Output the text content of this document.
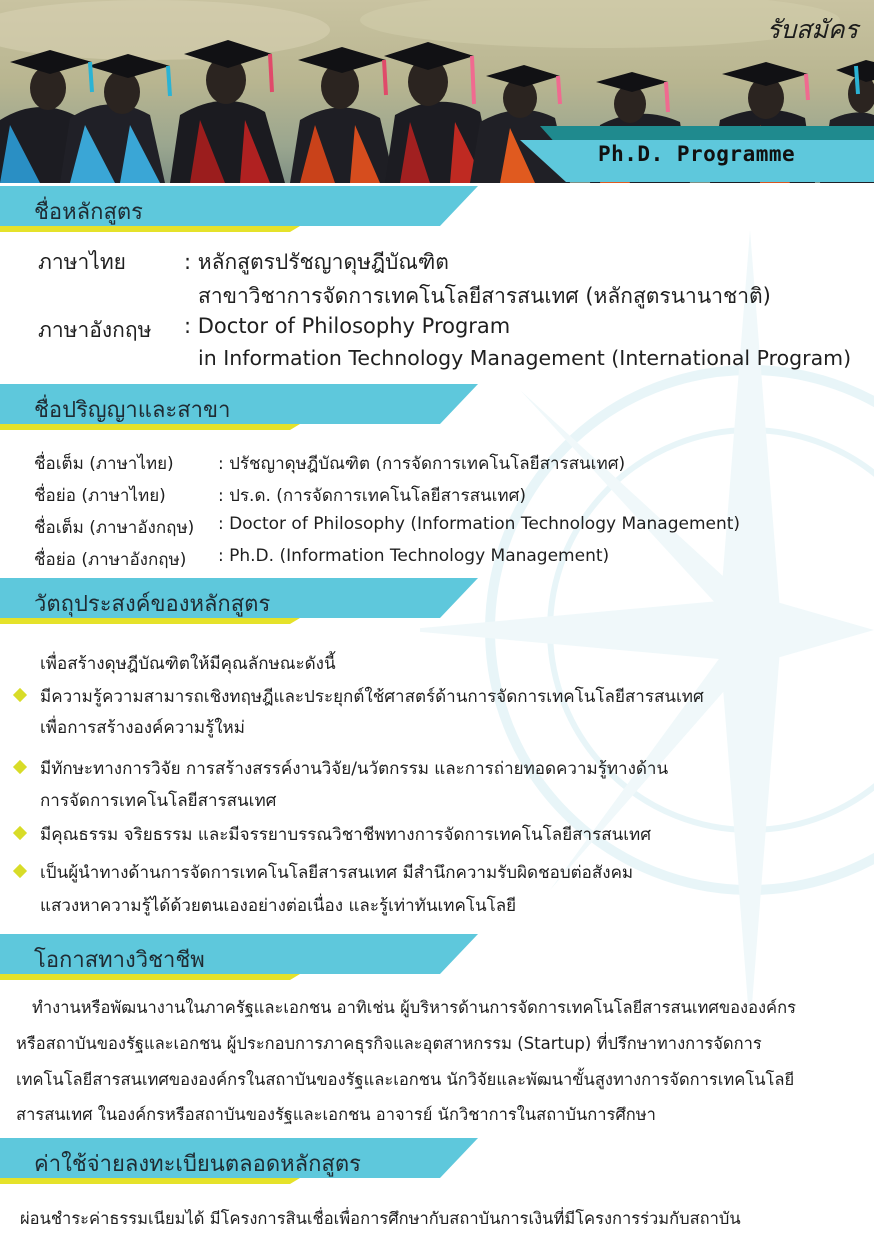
รับสมัคร
Ph.D. Programme
ชื่อหลักสูตร
ภาษาไทย	: หลักสูตรปรัชญาดุษฎีบัณฑิต
สาขาวิชาการจัดการเทคโนโลยีสารสนเทศ (หลักสูตรนานาชาติ)
ภาษาอังกฤษ : Doctor of Philosophy Program
in Information Technology Management (International Program)
ชื่อปริญญาและสาขา
ชื่อเต็ม (ภาษาไทย)	: ปรัชญาดุษฎีบัณฑิต (การจัดการเทคโนโลยีสารสนเทศ)
ชื่อย่อ (ภาษาไทย)	: ปร.ด. (การจัดการเทคโนโลยีสารสนเทศ)
ชื่อเต็ม (ภาษาอังกฤษ) : Doctor of Philosophy (Information Technology Management)
ชื่อย่อ (ภาษาอังกฤษ) : Ph.D. (Information Technology Management)
วัตถุประสงค์ของหลักสูตร
เพื่อสร้างดุษฎีบัณฑิตให้มีคุณลักษณะดังนี้
มีความรู้ความสามารถเชิงทฤษฎีและประยุกต์ใช้ศาสตร์ด้านการจัดการเทคโนโลยีสารสนเทศ
เพื่อการสร้างองค์ความรู้ใหม่
มีทักษะทางการวิจัย การสร้างสรรค์งานวิจัย/นวัตกรรม และการถ่ายทอดความรู้ทางด้าน
การจัดการเทคโนโลยีสารสนเทศ
มีคุณธรรม จริยธรรม และมีจรรยาบรรณวิชาชีพทางการจัดการเทคโนโลยีสารสนเทศ
เป็นผู้นำทางด้านการจัดการเทคโนโลยีสารสนเทศ มีสำนึกความรับผิดชอบต่อสังคม
แสวงหาความรู้ได้ด้วยตนเองอย่างต่อเนื่อง และรู้เท่าทันเทคโนโลยี
โอกาสทางวิชาชีพ
ทำงานหรือพัฒนางานในภาครัฐและเอกชน อาทิเช่น ผู้บริหารด้านการจัดการเทคโนโลยีสารสนเทศขององค์กร
หรือสถาบันของรัฐและเอกชน ผู้ประกอบการภาคธุรกิจและอุตสาหกรรม (Startup) ที่ปรึกษาทางการจัดการ
เทคโนโลยีสารสนเทศขององค์กรในสถาบันของรัฐและเอกชน นักวิจัยและพัฒนาขั้นสูงทางการจัดการเทคโนโลยี
สารสนเทศ ในองค์กรหรือสถาบันของรัฐและเอกชน อาจารย์ นักวิชาการในสถาบันการศึกษา
ค่าใช้จ่ายลงทะเบียนตลอดหลักสูตร
ผ่อนชำระค่าธรรมเนียมได้ มีโครงการสินเชื่อเพื่อการศึกษากับสถาบันการเงินที่มีโครงการร่วมกับสถาบัน
